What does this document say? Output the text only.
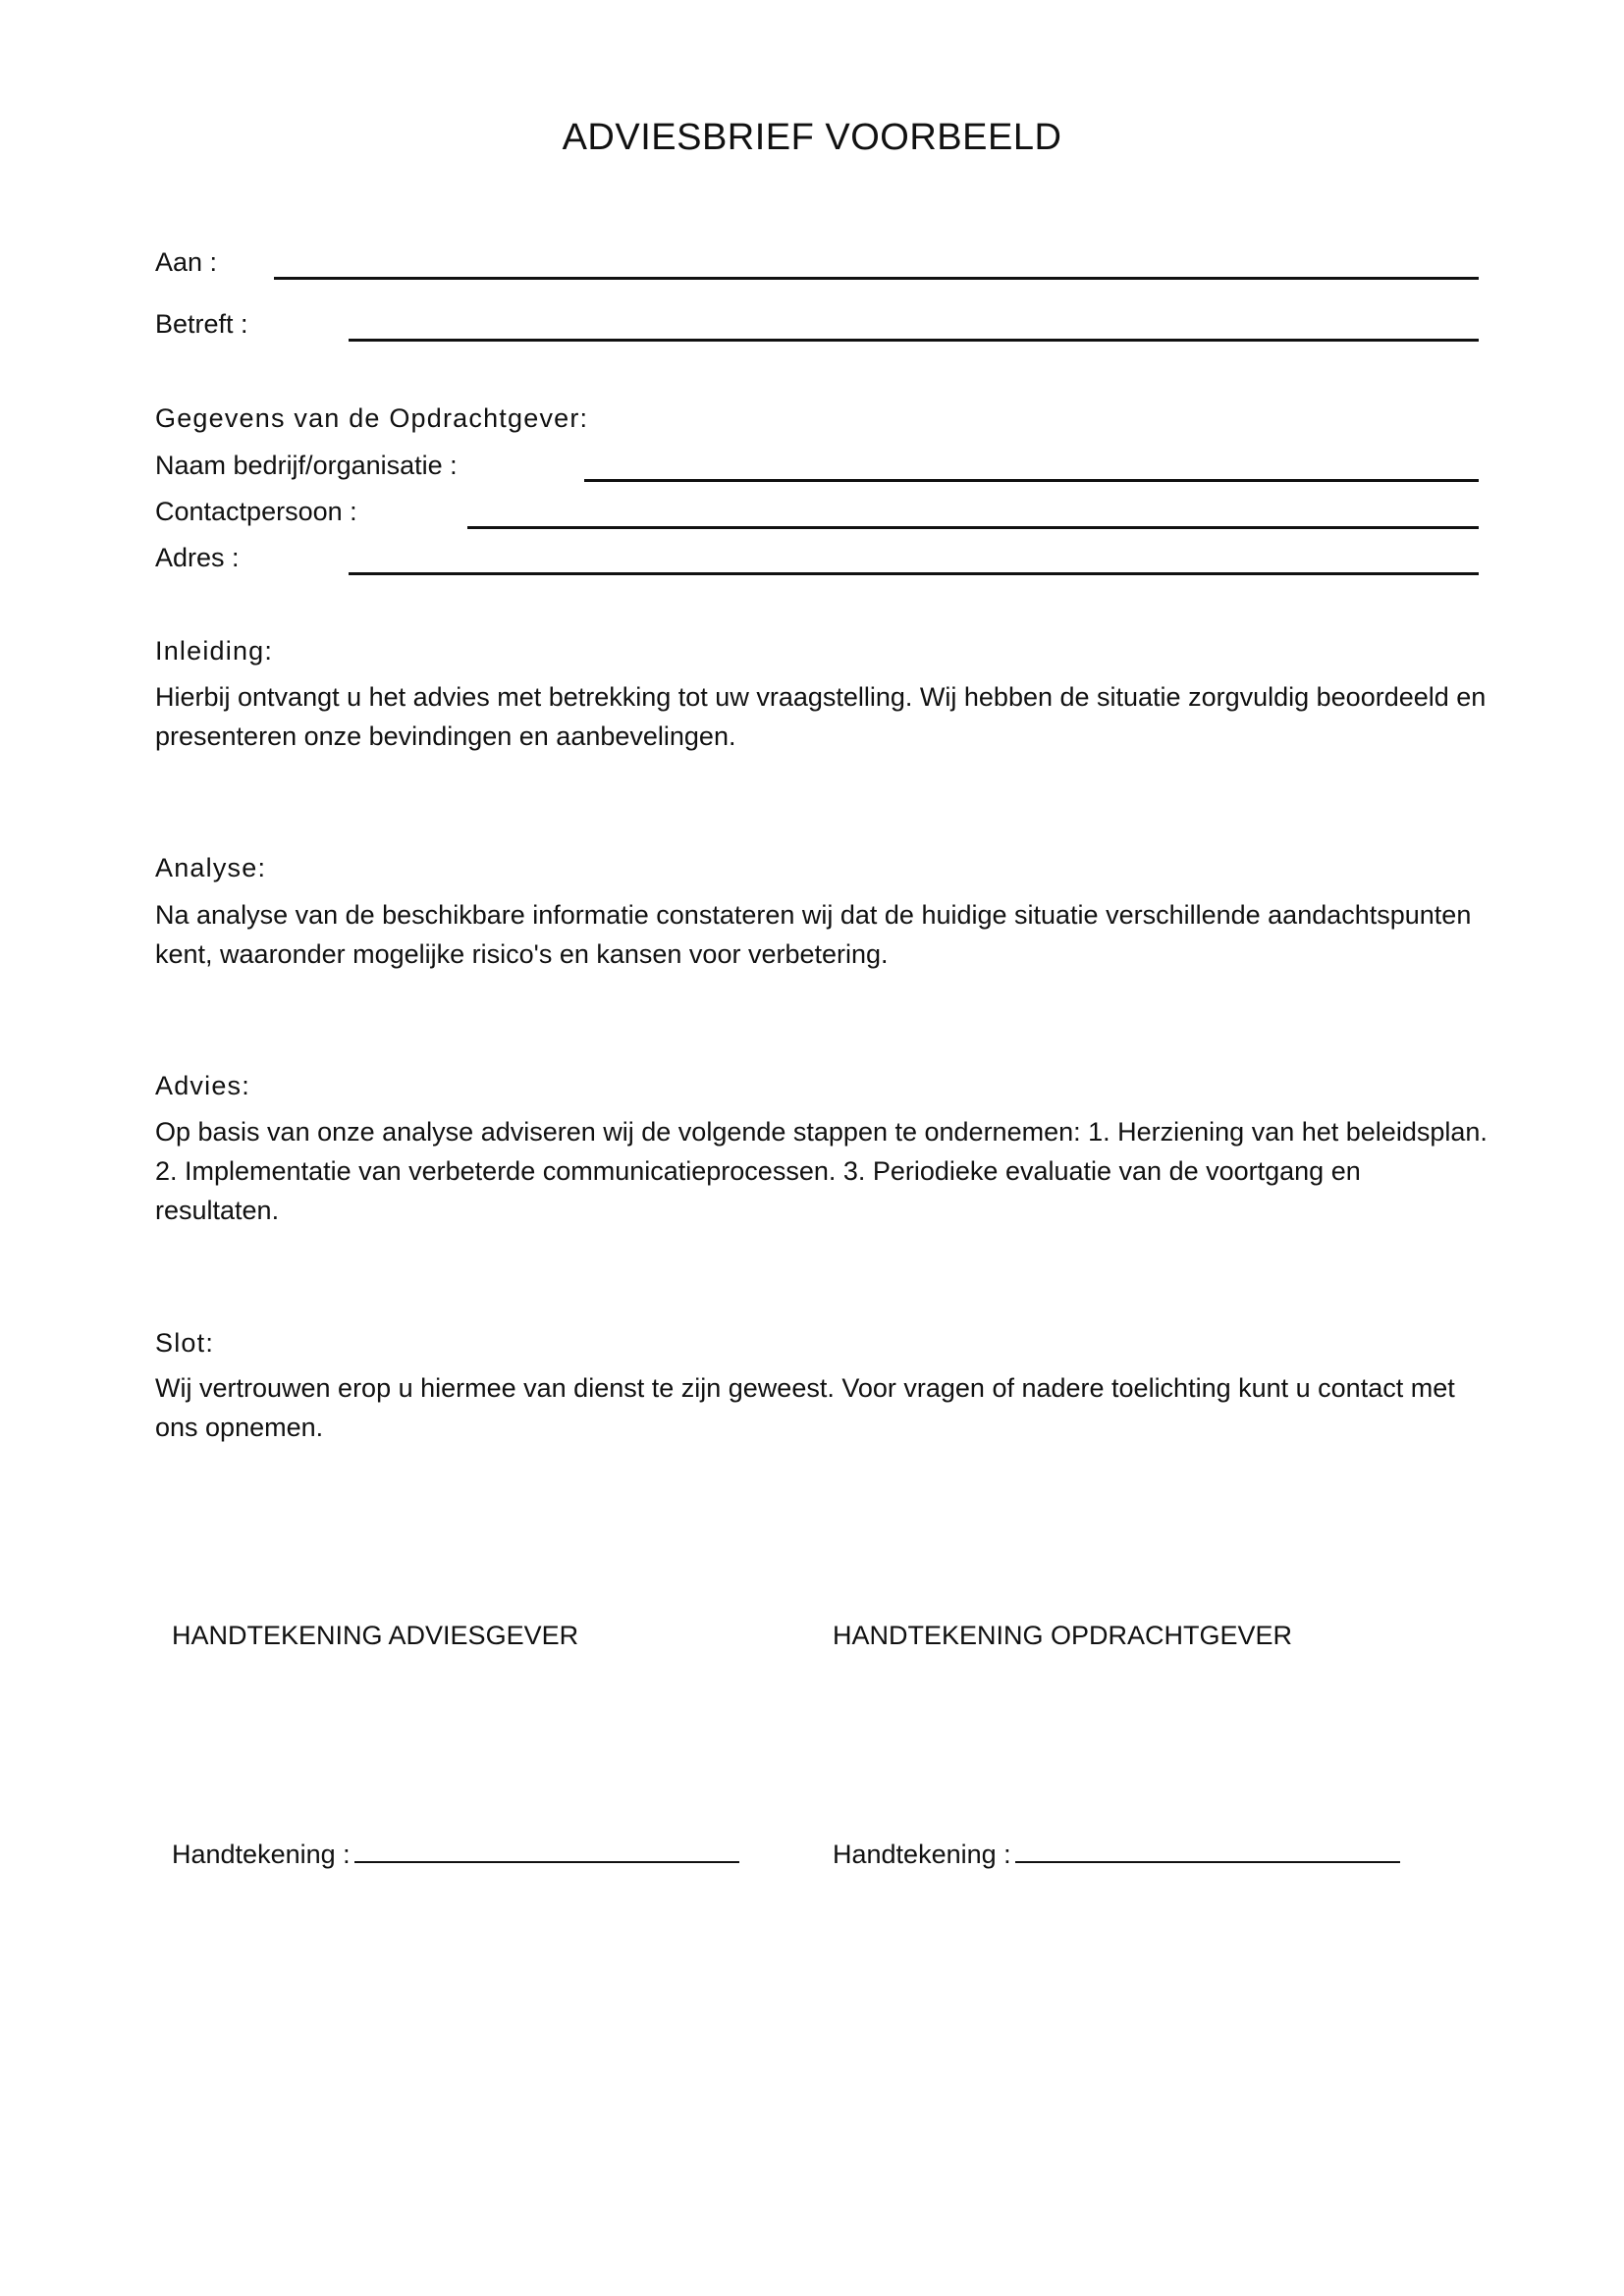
ADVIESBRIEF VOORBEELD
Aan :
Betreft :
Gegevens van de Opdrachtgever:
Naam bedrijf/organisatie :
Contactpersoon :
Adres :
Inleiding:
Hierbij ontvangt u het advies met betrekking tot uw vraagstelling. Wij hebben de situatie zorgvuldig beoordeeld en presenteren onze bevindingen en aanbevelingen.
Analyse:
Na analyse van de beschikbare informatie constateren wij dat de huidige situatie verschillende aandachtspunten kent, waaronder mogelijke risico's en kansen voor verbetering.
Advies:
Op basis van onze analyse adviseren wij de volgende stappen te ondernemen: 1. Herziening van het beleidsplan. 2. Implementatie van verbeterde communicatieprocessen. 3. Periodieke evaluatie van de voortgang en resultaten.
Slot:
Wij vertrouwen erop u hiermee van dienst te zijn geweest. Voor vragen of nadere toelichting kunt u contact met ons opnemen.
HANDTEKENING ADVIESGEVER	HANDTEKENING OPDRACHTGEVER
Handtekening :	Handtekening :
